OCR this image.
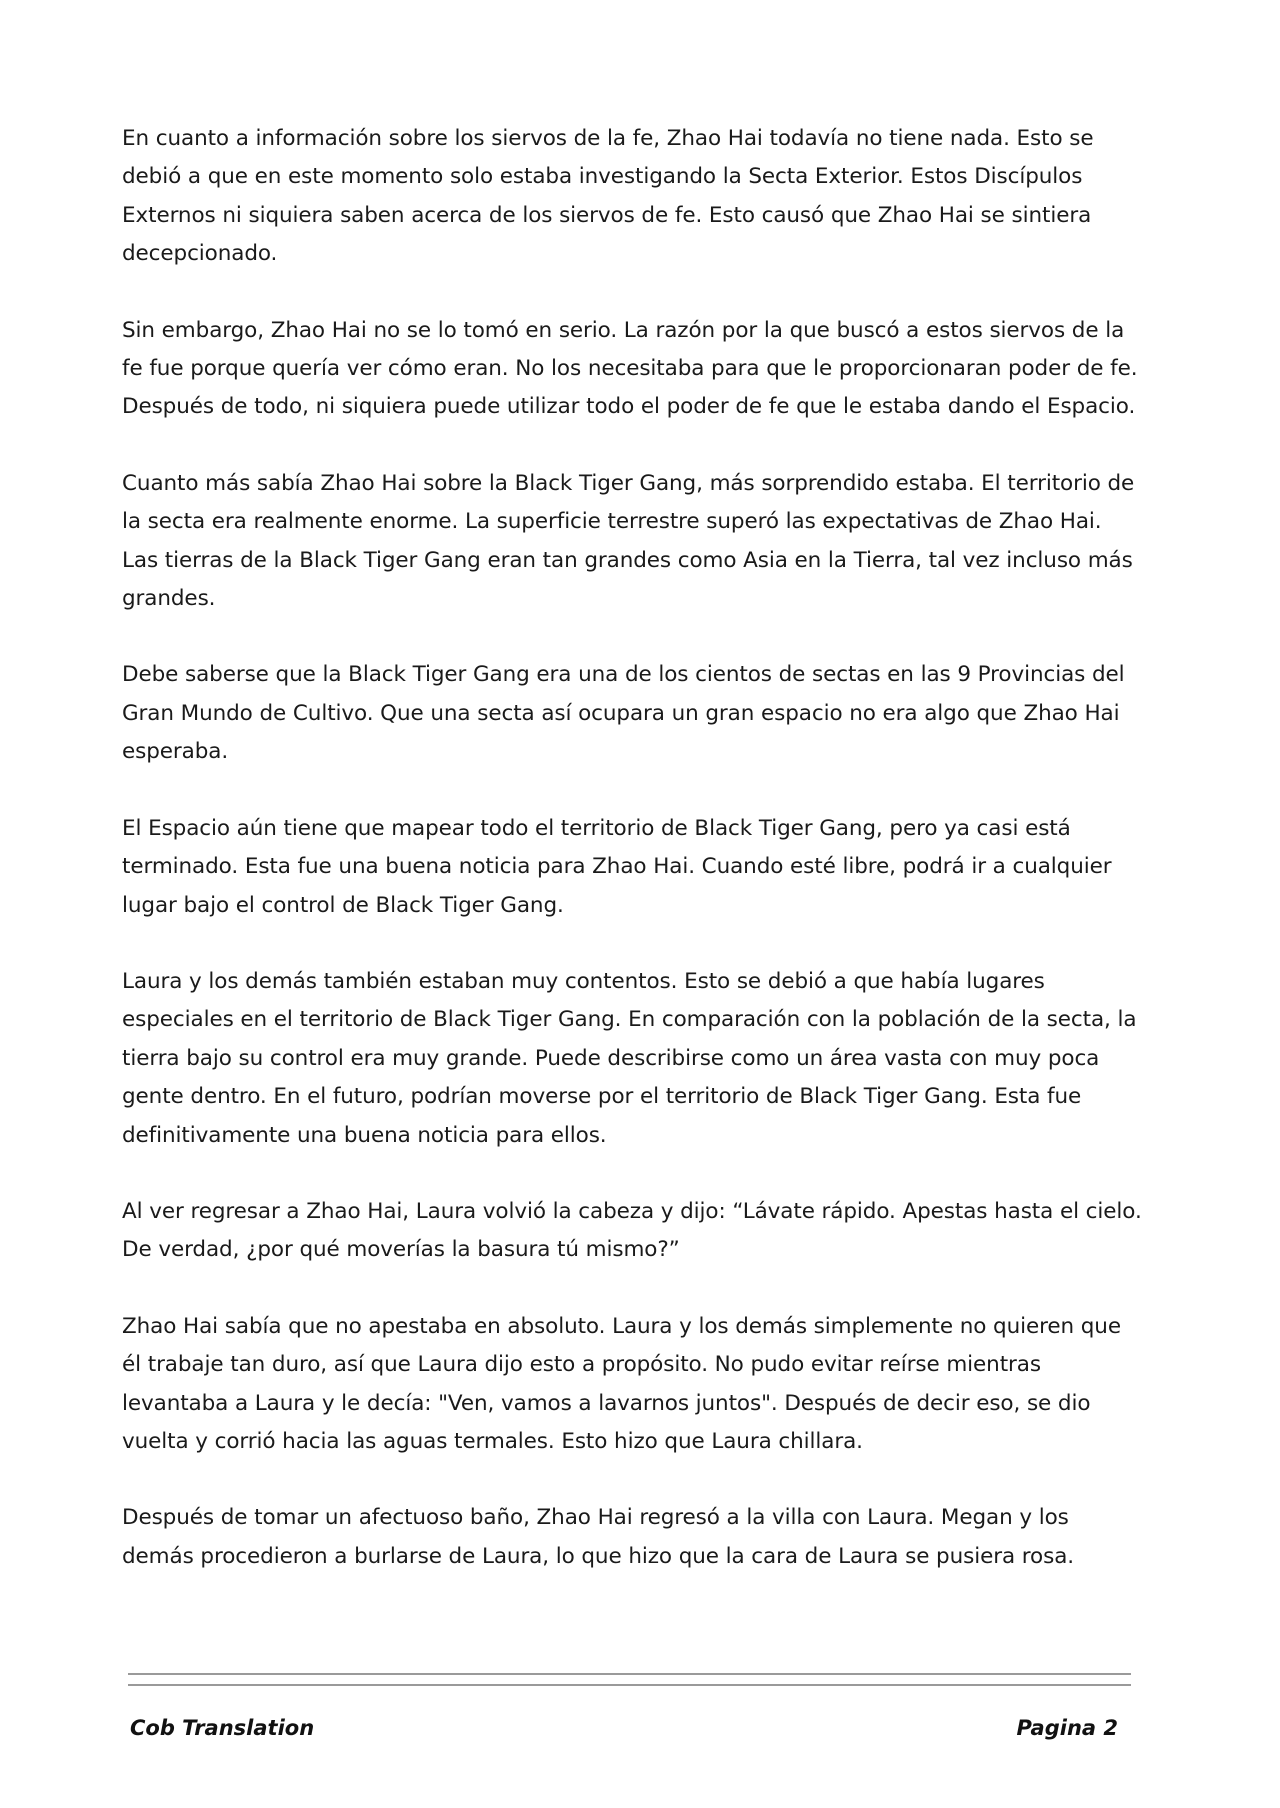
En cuanto a información sobre los siervos de la fe, Zhao Hai todavía no tiene nada. Esto se debió a que en este momento solo estaba investigando la Secta Exterior. Estos Discípulos Externos ni siquiera saben acerca de los siervos de fe. Esto causó que Zhao Hai se sintiera decepcionado.

Sin embargo, Zhao Hai no se lo tomó en serio. La razón por la que buscó a estos siervos de la fe fue porque quería ver cómo eran. No los necesitaba para que le proporcionaran poder de fe. Después de todo, ni siquiera puede utilizar todo el poder de fe que le estaba dando el Espacio.

Cuanto más sabía Zhao Hai sobre la Black Tiger Gang, más sorprendido estaba. El territorio de la secta era realmente enorme. La superficie terrestre superó las expectativas de Zhao Hai. Las tierras de la Black Tiger Gang eran tan grandes como Asia en la Tierra, tal vez incluso más grandes.

Debe saberse que la Black Tiger Gang era una de los cientos de sectas en las 9 Provincias del Gran Mundo de Cultivo. Que una secta así ocupara un gran espacio no era algo que Zhao Hai esperaba.

El Espacio aún tiene que mapear todo el territorio de Black Tiger Gang, pero ya casi está terminado. Esta fue una buena noticia para Zhao Hai. Cuando esté libre, podrá ir a cualquier lugar bajo el control de Black Tiger Gang.

Laura y los demás también estaban muy contentos. Esto se debió a que había lugares especiales en el territorio de Black Tiger Gang. En comparación con la población de la secta, la tierra bajo su control era muy grande. Puede describirse como un área vasta con muy poca gente dentro. En el futuro, podrían moverse por el territorio de Black Tiger Gang. Esta fue definitivamente una buena noticia para ellos.

Al ver regresar a Zhao Hai, Laura volvió la cabeza y dijo: “Lávate rápido. Apestas hasta el cielo. De verdad, ¿por qué moverías la basura tú mismo?”

Zhao Hai sabía que no apestaba en absoluto. Laura y los demás simplemente no quieren que él trabaje tan duro, así que Laura dijo esto a propósito. No pudo evitar reírse mientras levantaba a Laura y le decía: "Ven, vamos a lavarnos juntos". Después de decir eso, se dio vuelta y corrió hacia las aguas termales. Esto hizo que Laura chillara.

Después de tomar un afectuoso baño, Zhao Hai regresó a la villa con Laura. Megan y los demás procedieron a burlarse de Laura, lo que hizo que la cara de Laura se pusiera rosa.

Cob Translation	Pagina 2
